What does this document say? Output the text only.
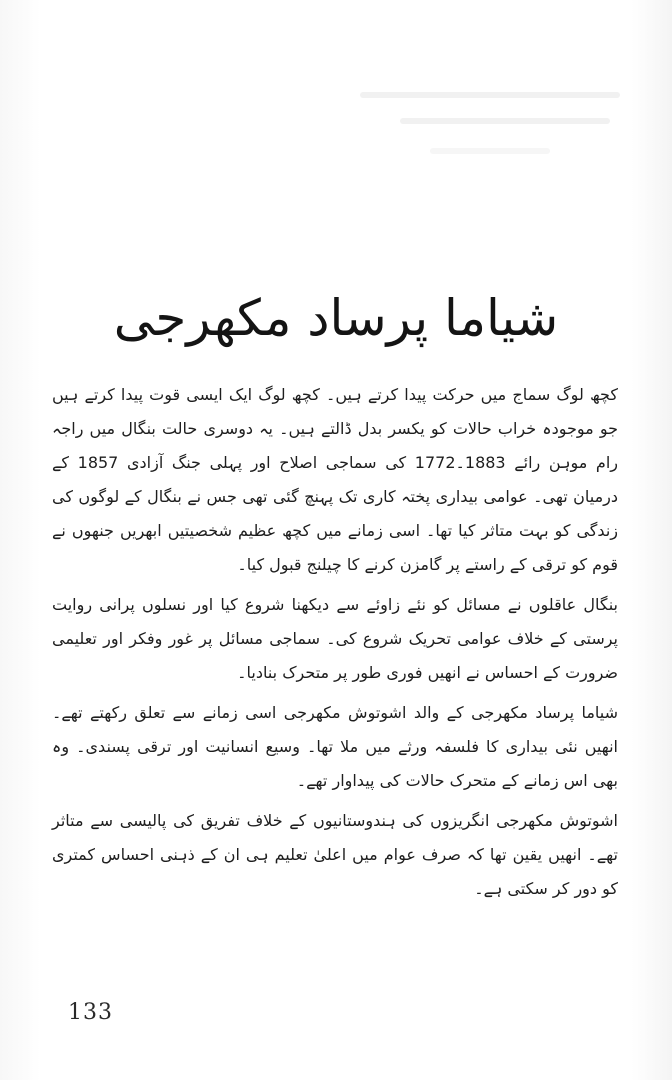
شیاما پرساد مکھرجی

کچھ لوگ سماج میں حرکت پیدا کرتے ہیں۔ کچھ لوگ ایک ایسی قوت پیدا کرتے ہیں جو موجودہ خراب حالات کو یکسر بدل ڈالتے ہیں۔ یہ دوسری حالت بنگال میں راجہ رام موہن رائے 1883۔1772 کی سماجی اصلاح اور پہلی جنگ آزادی 1857 کے درمیان تھی۔ عوامی بیداری پختہ کاری تک پہنچ گئی تھی جس نے بنگال کے لوگوں کی زندگی کو بہت متاثر کیا تھا۔ اسی زمانے میں کچھ عظیم شخصیتیں ابھریں جنھوں نے قوم کو ترقی کے راستے پر گامزن کرنے کا چیلنج قبول کیا۔

بنگال عاقلوں نے مسائل کو نئے زاوئے سے دیکھنا شروع کیا اور نسلوں پرانی روایت پرستی کے خلاف عوامی تحریک شروع کی۔ سماجی مسائل پر غور وفکر اور تعلیمی ضرورت کے احساس نے انھیں فوری طور پر متحرک بنادیا۔

شیاما پرساد مکھرجی کے والد اشوتوش مکھرجی اسی زمانے سے تعلق رکھتے تھے۔ انھیں نئی بیداری کا فلسفہ ورثے میں ملا تھا۔ وسیع انسانیت اور ترقی پسندی۔ وہ بھی اس زمانے کے متحرک حالات کی پیداوار تھے۔

اشوتوش مکھرجی انگریزوں کی ہندوستانیوں کے خلاف تفریق کی پالیسی سے متاثر تھے۔ انھیں یقین تھا کہ صرف عوام میں اعلیٰ تعلیم ہی ان کے ذہنی احساس کمتری کو دور کر سکتی ہے۔

133
